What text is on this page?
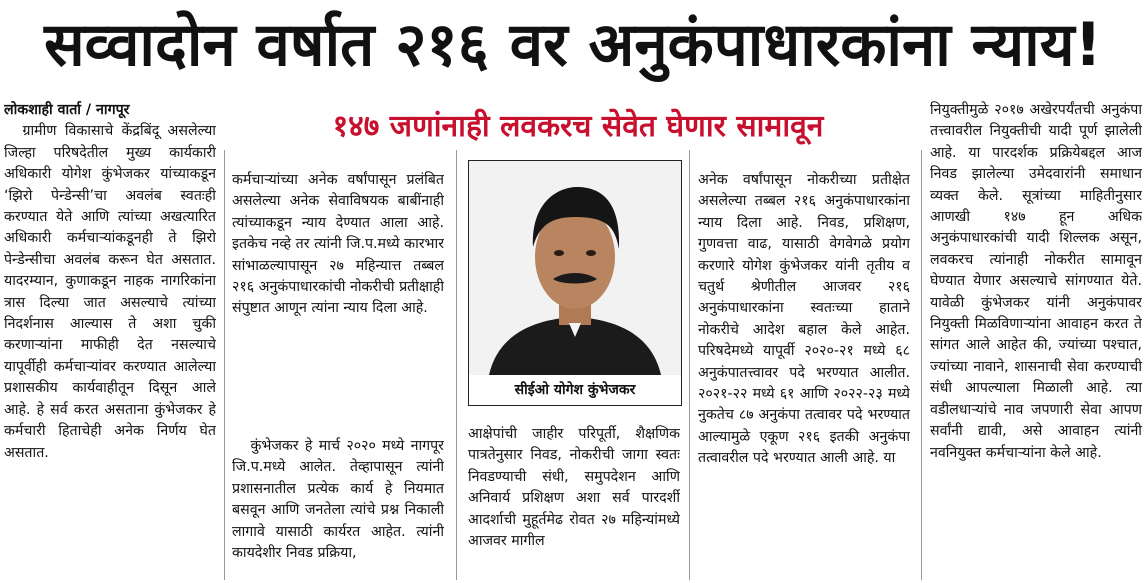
सव्वादोन वर्षात २१६ वर अनुकंपाधारकांना न्याय!
१४७ जणांनाही लवकरच सेवेत घेणार सामावून
लोकशाही वार्ता / नागपूर

ग्रामीण विकासाचे केंद्रबिंदू असलेल्या जिल्हा परिषदेतील मुख्य कार्यकारी अधिकारी योगेश कुंभेजकर यांच्याकडून ‘झिरो पेन्डेन्सी’चा अवलंब स्वतःही करण्यात येते आणि त्यांच्या अखत्यारित अधिकारी कर्मचाऱ्यांकडूनही ते झिरो पेन्डेन्सीचा अवलंब करून घेत असतात. यादरम्यान, कुणाकडून नाहक नागरिकांना त्रास दिल्या जात असल्याचे त्यांच्या निदर्शनास आल्यास ते अशा चुकी करणाऱ्यांना माफीही देत नसल्याचे यापूर्वीही कर्मचाऱ्यांवर करण्यात आलेल्या प्रशासकीय कार्यवाहीतून दिसून आले आहे. हे सर्व करत असताना कुंभेजकर हे कर्मचारी हिताचेही अनेक निर्णय घेत असतात.

कर्मचाऱ्यांच्या अनेक वर्षांपासून प्रलंबित असलेल्या अनेक सेवाविषयक बाबींनाही त्यांच्याकडून न्याय देण्यात आला आहे. इतकेच नव्हे तर त्यांनी जि.प.मध्ये कारभार सांभाळल्यापासून २७ महिन्यात्त तब्बल २१६ अनुकंपाधारकांची नोकरीची प्रतीक्षाही संपुष्टात आणून त्यांना न्याय दिला आहे.

कुंभेजकर हे मार्च २०२० मध्ये नागपूर जि.प.मध्ये आलेत. तेव्हापासून त्यांनी प्रशासनातील प्रत्येक कार्य हे नियमात बसवून आणि जनतेला त्यांचे प्रश्न निकाली लागावे यासाठी कार्यरत आहेत. त्यांनी कायदेशीर निवड प्रक्रिया,

सीईओ योगेश कुंभेजकर

आक्षेपांची जाहीर परिपूर्ती, शैक्षणिक पात्रतेनुसार निवड, नोकरीची जागा स्वतः निवडण्याची संधी, समुपदेशन आणि अनिवार्य प्रशिक्षण अशा सर्व पारदर्शी आदर्शाची मुहूर्तमेढ रोवत २७ महिन्यांमध्ये आजवर मागील

अनेक वर्षांपासून नोकरीच्या प्रतीक्षेत असलेल्या तब्बल २१६ अनुकंपाधारकांना न्याय दिला आहे. निवड, प्रशिक्षण, गुणवत्ता वाढ, यासाठी वेगवेगळे प्रयोग करणारे योगेश कुंभेजकर यांनी तृतीय व चतुर्थ श्रेणीतील आजवर २१६ अनुकंपाधारकांना स्वतःच्या हाताने नोकरीचे आदेश बहाल केले आहेत. परिषदेमध्ये यापूर्वी २०२०-२१ मध्ये ६८ अनुकंपातत्त्वावर पदे भरण्यात आलीत. २०२१-२२ मध्ये ६१ आणि २०२२-२३ मध्ये नुकतेच ८७ अनुकंपा तत्वावर पदे भरण्यात आल्यामुळे एकूण २१६ इतकी अनुकंपा तत्वावरील पदे भरण्यात आली आहे. या

नियुक्तीमुळे २०१७ अखेरपर्यंतची अनुकंपा तत्त्वावरील नियुक्तीची यादी पूर्ण झालेली आहे. या पारदर्शक प्रक्रियेबद्दल आज निवड झालेल्या उमेदवारांनी समाधान व्यक्त केले. सूत्रांच्या माहितीनुसार आणखी १४७ हून अधिक अनुकंपाधारकांची यादी शिल्लक असून, लवकरच त्यांनाही नोकरीत सामावून घेण्यात येणार असल्याचे सांगण्यात येते. यावेळी कुंभेजकर यांनी अनुकंपावर नियुक्ती मिळविणाऱ्यांना आवाहन करत ते सांगत आले आहेत की, ज्यांच्या पश्चात, ज्यांच्या नावाने, शासनाची सेवा करण्याची संधी आपल्याला मिळाली आहे. त्या वडीलधाऱ्यांचे नाव जपणारी सेवा आपण सर्वांनी द्यावी, असे आवाहन त्यांनी नवनियुक्त कर्मचाऱ्यांना केले आहे.
